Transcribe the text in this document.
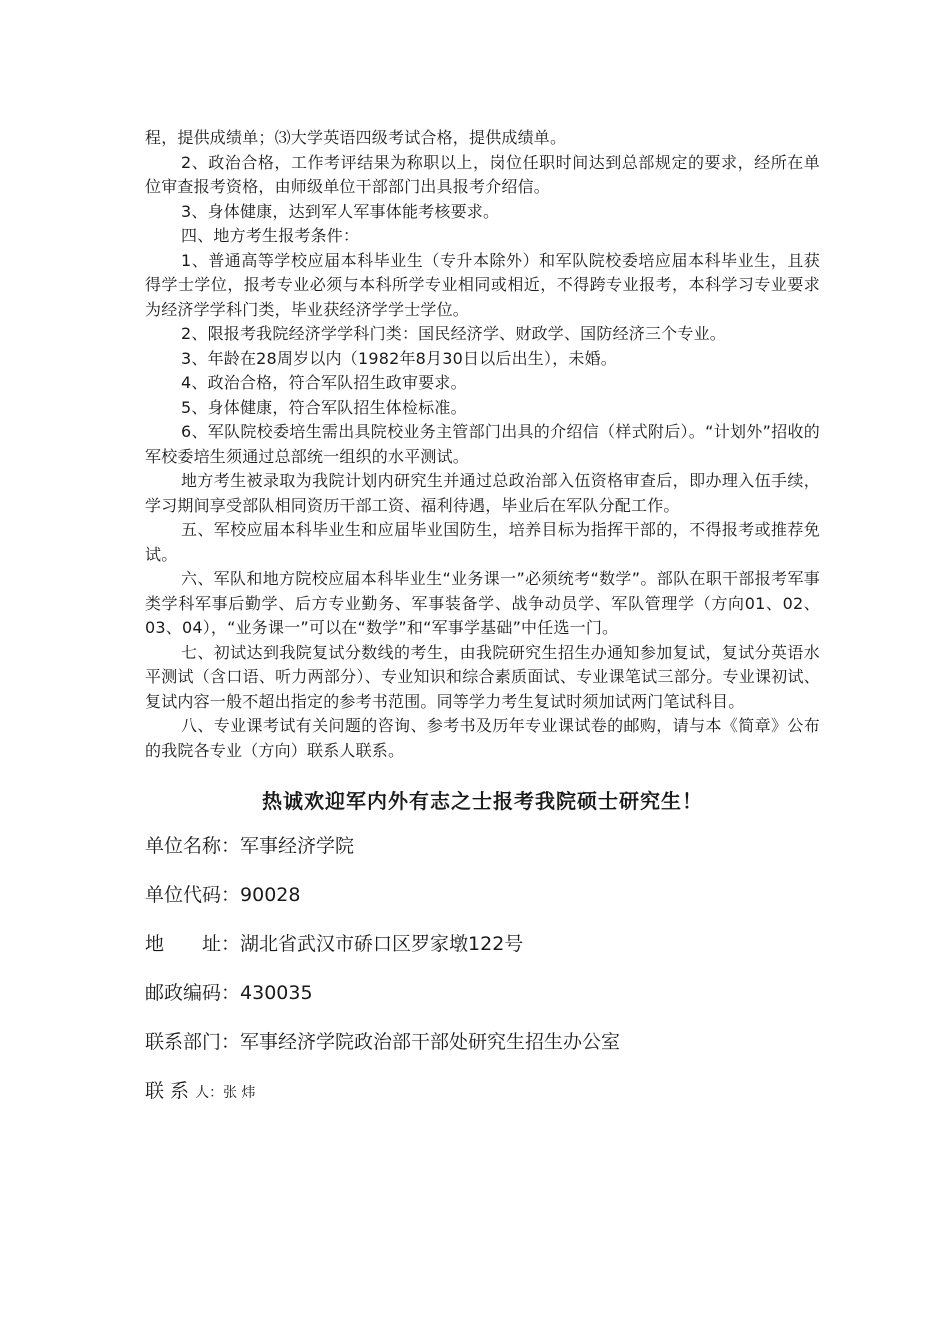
程，提供成绩单；⑶大学英语四级考试合格，提供成绩单。

2、政治合格，工作考评结果为称职以上，岗位任职时间达到总部规定的要求，经所在单位审查报考资格，由师级单位干部部门出具报考介绍信。

3、身体健康，达到军人军事体能考核要求。

四、地方考生报考条件：

1、普通高等学校应届本科毕业生（专升本除外）和军队院校委培应届本科毕业生，且获得学士学位，报考专业必须与本科所学专业相同或相近，不得跨专业报考，本科学习专业要求为经济学学科门类，毕业获经济学学士学位。

2、限报考我院经济学学科门类：国民经济学、财政学、国防经济三个专业。

3、年龄在28周岁以内（1982年8月30日以后出生），未婚。

4、政治合格，符合军队招生政审要求。

5、身体健康，符合军队招生体检标准。

6、军队院校委培生需出具院校业务主管部门出具的介绍信（样式附后）。“计划外”招收的军校委培生须通过总部统一组织的水平测试。

地方考生被录取为我院计划内研究生并通过总政治部入伍资格审查后，即办理入伍手续，学习期间享受部队相同资历干部工资、福利待遇，毕业后在军队分配工作。

五、军校应届本科毕业生和应届毕业国防生，培养目标为指挥干部的，不得报考或推荐免试。

六、军队和地方院校应届本科毕业生“业务课一”必须统考“数学”。部队在职干部报考军事类学科军事后勤学、后方专业勤务、军事装备学、战争动员学、军队管理学（方向01、02、03、04），“业务课一”可以在“数学”和“军事学基础”中任选一门。

七、初试达到我院复试分数线的考生，由我院研究生招生办通知参加复试，复试分英语水平测试（含口语、听力两部分）、专业知识和综合素质面试、专业课笔试三部分。专业课初试、复试内容一般不超出指定的参考书范围。同等学力考生复试时须加试两门笔试科目。

八、专业课考试有关问题的咨询、参考书及历年专业课试卷的邮购，请与本《简章》公布的我院各专业（方向）联系人联系。

热诚欢迎军内外有志之士报考我院硕士研究生！
单位名称：军事经济学院
单位代码：90028
地　　址：湖北省武汉市硚口区罗家墩122号
邮政编码：430035
联系部门：军事经济学院政治部干部处研究生招生办公室
联 系 人：张 炜
